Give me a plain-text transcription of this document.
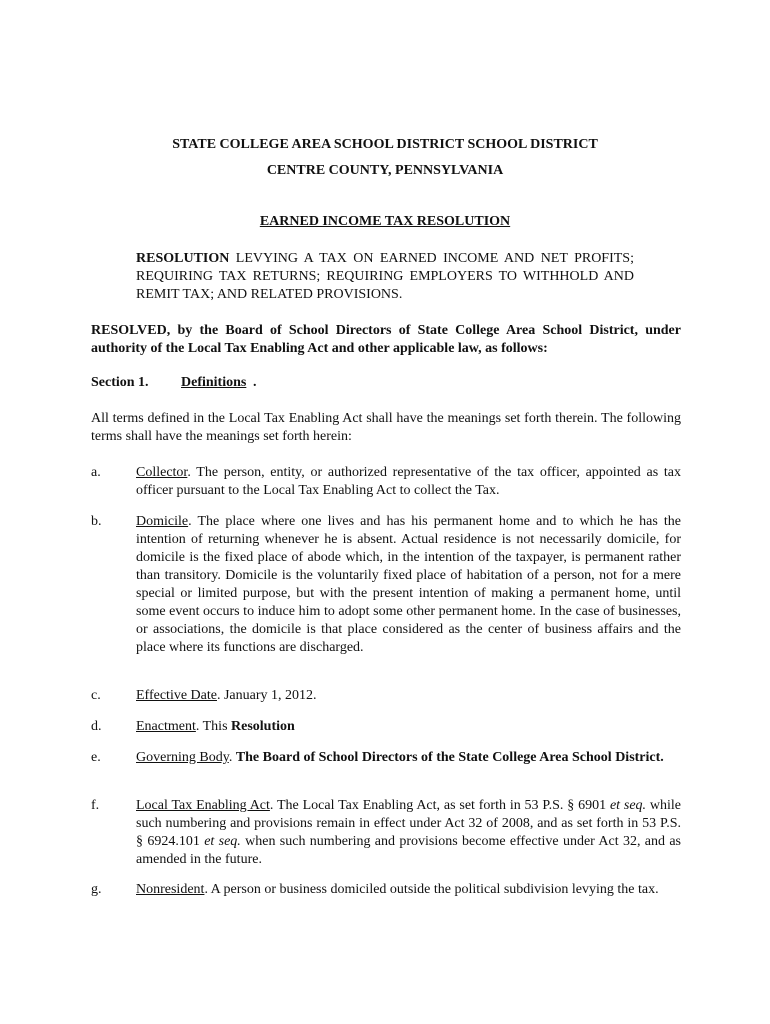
STATE COLLEGE AREA SCHOOL DISTRICT SCHOOL DISTRICT
CENTRE COUNTY, PENNSYLVANIA
EARNED INCOME TAX RESOLUTION
RESOLUTION LEVYING A TAX ON EARNED INCOME AND NET PROFITS; REQUIRING TAX RETURNS; REQUIRING EMPLOYERS TO WITHHOLD AND REMIT TAX; AND RELATED PROVISIONS.
RESOLVED, by the Board of School Directors of State College Area School District, under authority of the Local Tax Enabling Act and other applicable law, as follows:
Section 1. Definitions .
All terms defined in the Local Tax Enabling Act shall have the meanings set forth therein. The following terms shall have the meanings set forth herein:
a.	Collector. The person, entity, or authorized representative of the tax officer, appointed as tax officer pursuant to the Local Tax Enabling Act to collect the Tax.
b. Domicile. The place where one lives and has his permanent home and to which he has the intention of returning whenever he is absent. Actual residence is not necessarily domicile, for domicile is the fixed place of abode which, in the intention of the taxpayer, is permanent rather than transitory. Domicile is the voluntarily fixed place of habitation of a person, not for a mere special or limited purpose, but with the present intention of making a permanent home, until some event occurs to induce him to adopt some other permanent home. In the case of businesses, or associations, the domicile is that place considered as the center of business affairs and the place where its functions are discharged.
c.	Effective Date. January 1, 2012.
d. Enactment. This Resolution
e.	Governing Body. The Board of School Directors of the State College Area School District.
f.	Local Tax Enabling Act. The Local Tax Enabling Act, as set forth in 53 P.S. § 6901 et seq. while such numbering and provisions remain in effect under Act 32 of 2008, and as set forth in 53 P.S. § 6924.101 et seq. when such numbering and provisions become effective under Act 32, and as amended in the future.
g. Nonresident. A person or business domiciled outside the political subdivision levying the tax.
